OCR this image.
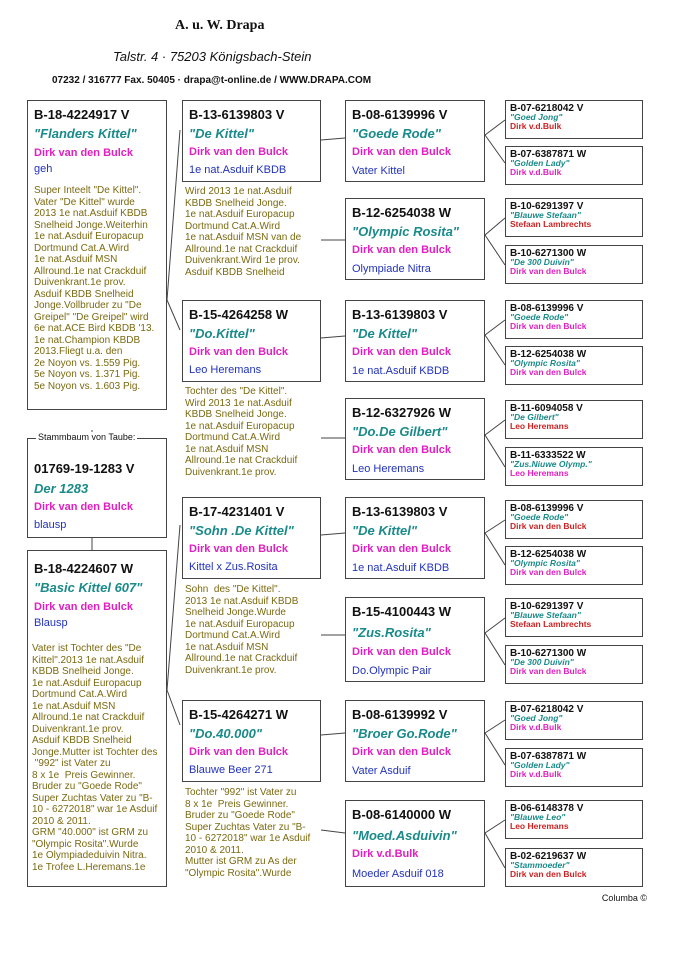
A. u. W. Drapa
Talstr. 4 · 75203 Königsbach-Stein
07232 / 316777 Fax. 50405 · drapa@t-online.de / WWW.DRAPA.COM
B-18-4224917 V
"Flanders Kittel"
Dirk van den Bulck
geh
Super Inteelt "De Kittel".
Vater "De Kittel" wurde
2013 1e nat.Asduif KBDB
Snelheid Jonge.Weiterhin
1e nat.Asduif Europacup
Dortmund Cat.A.Wird
1e nat.Asduif MSN
Allround.1e nat Crackduif
Duivenkrant.1e prov.
Asduif KBDB Snelheid
Jonge.Vollbruder zu "De
Greipel" "De Greipel" wird
6e nat.ACE Bird KBDB '13.
1e nat.Champion KBDB
2013.Fliegt u.a. den
2e Noyon vs. 1.559 Pig.
5e Noyon vs. 1.371 Pig.
5e Noyon vs. 1.603 Pig.
01769-19-1283 V
Der 1283
Dirk van den Bulck
blausp
Stammbaum von Taube:
B-18-4224607 W
"Basic Kittel 607"
Dirk van den Bulck
Blausp
Vater ist Tochter des "De
Kittel".2013 1e nat.Asduif
KBDB Snelheid Jonge.
1e nat.Asduif Europacup
Dortmund Cat.A.Wird
1e nat.Asduif MSN
Allround.1e nat Crackduif
Duivenkrant.1e prov.
Asduif KBDB Snelheid
Jonge.Mutter ist Tochter des
"992" ist Vater zu
8 x 1e  Preis Gewinner.
Bruder zu "Goede Rode"
Super Zuchtas Vater zu "B-
10 - 6272018" war 1e Asduif
2010 & 2011.
GRM "40.000" ist GRM zu
"Olympic Rosita".Wurde
1e Olympiadeduivin Nitra.
1e Trofee L.Heremans.1e
B-13-6139803 V
"De Kittel"
Dirk van den Bulck
1e nat.Asduif KBDB
Wird 2013 1e nat.Asduif
KBDB Snelheid Jonge.
1e nat.Asduif Europacup
Dortmund Cat.A.Wird
1e nat.Asduif MSN van de
Allround.1e nat Crackduif
Duivenkrant.Wird 1e prov.
Asduif KBDB Snelheid
B-15-4264258 W
"Do.Kittel"
Dirk van den Bulck
Leo Heremans
Tochter des "De Kittel".
Wird 2013 1e nat.Asduif
KBDB Snelheid Jonge.
1e nat.Asduif Europacup
Dortmund Cat.A.Wird
1e nat.Asduif MSN
Allround.1e nat Crackduif
Duivenkrant.1e prov.
B-17-4231401 V
"Sohn .De Kittel"
Dirk van den Bulck
Kittel x Zus.Rosita
Sohn  des "De Kittel".
2013 1e nat.Asduif KBDB
Snelheid Jonge.Wurde
1e nat.Asduif Europacup
Dortmund Cat.A.Wird
1e nat.Asduif MSN
Allround.1e nat Crackduif
Duivenkrant.1e prov.
B-15-4264271 W
"Do.40.000"
Dirk van den Bulck
Blauwe Beer 271
Tochter "992" ist Vater zu
8 x 1e  Preis Gewinner.
Bruder zu "Goede Rode"
Super Zuchtas Vater zu "B-
10 - 6272018" war 1e Asduif
2010 & 2011.
Mutter ist GRM zu As der
"Olympic Rosita".Wurde
B-08-6139996 V
"Goede Rode"
Dirk van den Bulck
Vater Kittel
B-12-6254038 W
"Olympic Rosita"
Dirk van den Bulck
Olympiade Nitra
B-13-6139803 V
"De Kittel"
Dirk van den Bulck
1e nat.Asduif KBDB
B-12-6327926 W
"Do.De Gilbert"
Dirk van den Bulck
Leo Heremans
B-13-6139803 V
"De Kittel"
Dirk van den Bulck
1e nat.Asduif KBDB
B-15-4100443 W
"Zus.Rosita"
Dirk van den Bulck
Do.Olympic Pair
B-08-6139992 V
"Broer Go.Rode"
Dirk van den Bulck
Vater Asduif
B-08-6140000 W
"Moed.Asduivin"
Dirk v.d.Bulk
Moeder Asduif 018
B-07-6218042 V
"Goed Jong"
Dirk v.d.Bulk
B-07-6387871 W
"Golden Lady"
Dirk v.d.Bulk
B-10-6291397 V
"Blauwe Stefaan"
Stefaan Lambrechts
B-10-6271300 W
"De 300 Duivin"
Dirk van den Bulck
B-08-6139996 V
"Goede Rode"
Dirk van den Bulck
B-12-6254038 W
"Olympic Rosita"
Dirk van den Bulck
B-11-6094058 V
"De Gilbert"
Leo Heremans
B-11-6333522 W
"Zus.Niuwe Olymp."
Leo Heremans
B-08-6139996 V
"Goede Rode"
Dirk van den Bulck
B-12-6254038 W
"Olympic Rosita"
Dirk van den Bulck
B-10-6291397 V
"Blauwe Stefaan"
Stefaan Lambrechts
B-10-6271300 W
"De 300 Duivin"
Dirk van den Bulck
B-07-6218042 V
"Goed Jong"
Dirk v.d.Bulk
B-07-6387871 W
"Golden Lady"
Dirk v.d.Bulk
B-06-6148378 V
"Blauwe Leo"
Leo Heremans
B-02-6219637 W
"Stammoeder"
Dirk van den Bulck
Columba ©
